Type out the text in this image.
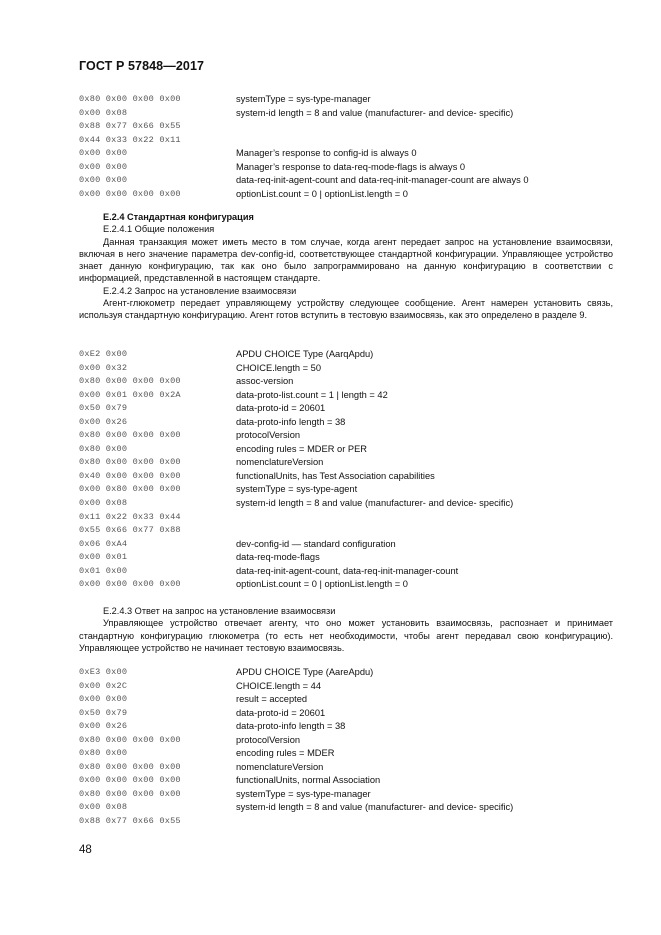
ГОСТ Р 57848—2017
0x80 0x00 0x00 0x00	systemType = sys-type-manager
0x00 0x08	system-id length = 8 and value (manufacturer- and device- specific)
0x88 0x77 0x66 0x55
0x44 0x33 0x22 0x11
0x00 0x00	Manager’s response to config-id is always 0
0x00 0x00	Manager’s response to data-req-mode-flags is always 0
0x00 0x00	data-req-init-agent-count and data-req-init-manager-count are always 0
0x00 0x00 0x00 0x00	optionList.count = 0 | optionList.length = 0

Е.2.4 Стандартная конфигурация

Е.2.4.1 Общие положения

Данная транзакция может иметь место в том случае, когда агент передает запрос на установление взаимосвязи, включая в него значение параметра dev-config-id, соответствующее стандартной конфигурации. Управляющее устройство знает данную конфигурацию, так как оно было запрограммировано на данную конфигурацию в соответствии с информацией, представленной в настоящем стандарте.

Е.2.4.2 Запрос на установление взаимосвязи

Агент-глюкометр передает управляющему устройству следующее сообщение. Агент намерен установить связь, используя стандартную конфигурацию. Агент готов вступить в тестовую взаимосвязь, как это определено в разделе 9.

0xE2 0x00	APDU CHOICE Type (AarqApdu)
0x00 0x32	CHOICE.length = 50
0x80 0x00 0x00 0x00	assoc-version
0x00 0x01 0x00 0x2A	data-proto-list.count = 1 | length = 42
0x50 0x79	data-proto-id = 20601
0x00 0x26	data-proto-info length = 38
0x80 0x00 0x00 0x00	protocolVersion
0x80 0x00	encoding rules = MDER or PER
0x80 0x00 0x00 0x00	nomenclatureVersion
0x40 0x00 0x00 0x00	functionalUnits, has Test Association capabilities
0x00 0x80 0x00 0x00	systemType = sys-type-agent
0x00 0x08	system-id length = 8 and value (manufacturer- and device- specific)
0x11 0x22 0x33 0x44
0x55 0x66 0x77 0x88
0x06 0xA4	dev-config-id — standard configuration
0x00 0x01	data-req-mode-flags
0x01 0x00	data-req-init-agent-count, data-req-init-manager-count
0x00 0x00 0x00 0x00	optionList.count = 0 | optionList.length = 0

Е.2.4.3 Ответ на запрос на установление взаимосвязи

Управляющее устройство отвечает агенту, что оно может установить взаимосвязь, распознает и принимает стандартную конфигурацию глюкометра (то есть нет необходимости, чтобы агент передавал свою конфигурацию). Управляющее устройство не начинает тестовую взаимосвязь.

0xE3 0x00	APDU CHOICE Type (AareApdu)
0x00 0x2C	CHOICE.length = 44
0x00 0x00	result = accepted
0x50 0x79	data-proto-id = 20601
0x00 0x26	data-proto-info length = 38
0x80 0x00 0x00 0x00	protocolVersion
0x80 0x00	encoding rules = MDER
0x80 0x00 0x00 0x00	nomenclatureVersion
0x00 0x00 0x00 0x00	functionalUnits, normal Association
0x80 0x00 0x00 0x00	systemType = sys-type-manager
0x00 0x08	system-id length = 8 and value (manufacturer- and device- specific)
0x88 0x77 0x66 0x55
48
